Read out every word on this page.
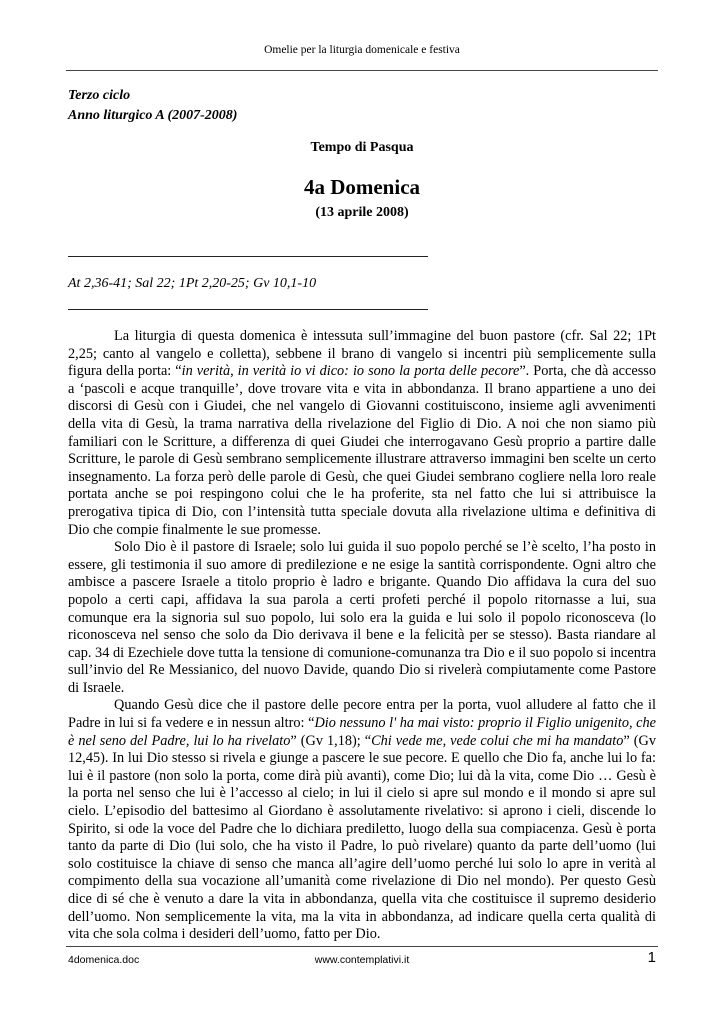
Omelie per la liturgia domenicale e festiva
Terzo ciclo
Anno liturgico A (2007-2008)
Tempo di Pasqua
4a Domenica
(13 aprile 2008)
At 2,36-41; Sal 22; 1Pt 2,20-25; Gv 10,1-10

La liturgia di questa domenica è intessuta sull’immagine del buon pastore (cfr. Sal 22; 1Pt 2,25; canto al vangelo e colletta), sebbene il brano di vangelo si incentri più semplicemente sulla figura della porta: “in verità, in verità io vi dico: io sono la porta delle pecore”. Porta, che dà accesso a ‘pascoli e acque tranquille’, dove trovare vita e vita in abbondanza. Il brano appartiene a uno dei discorsi di Gesù con i Giudei, che nel vangelo di Giovanni costituiscono, insieme agli avvenimenti della vita di Gesù, la trama narrativa della rivelazione del Figlio di Dio. A noi che non siamo più familiari con le Scritture, a differenza di quei Giudei che interrogavano Gesù proprio a partire dalle Scritture, le parole di Gesù sembrano semplicemente illustrare attraverso immagini ben scelte un certo insegnamento. La forza però delle parole di Gesù, che quei Giudei sembrano cogliere nella loro reale portata anche se poi respingono colui che le ha proferite, sta nel fatto che lui si attribuisce la prerogativa tipica di Dio, con l’intensità tutta speciale dovuta alla rivelazione ultima e definitiva di Dio che compie finalmente le sue promesse.

Solo Dio è il pastore di Israele; solo lui guida il suo popolo perché se l’è scelto, l’ha posto in essere, gli testimonia il suo amore di predilezione e ne esige la santità corrispondente. Ogni altro che ambisce a pascere Israele a titolo proprio è ladro e brigante. Quando Dio affidava la cura del suo popolo a certi capi, affidava la sua parola a certi profeti perché il popolo ritornasse a lui, sua comunque era la signoria sul suo popolo, lui solo era la guida e lui solo il popolo riconosceva (lo riconosceva nel senso che solo da Dio derivava il bene e la felicità per se stesso). Basta riandare al cap. 34 di Ezechiele dove tutta la tensione di comunione-comunanza tra Dio e il suo popolo si incentra sull’invio del Re Messianico, del nuovo Davide, quando Dio si rivelerà compiutamente come Pastore di Israele.

Quando Gesù dice che il pastore delle pecore entra per la porta, vuol alludere al fatto che il Padre in lui si fa vedere e in nessun altro: “Dio nessuno l' ha mai visto: proprio il Figlio unigenito, che è nel seno del Padre, lui lo ha rivelato” (Gv 1,18); “Chi vede me, vede colui che mi ha mandato” (Gv 12,45). In lui Dio stesso si rivela e giunge a pascere le sue pecore. E quello che Dio fa, anche lui lo fa: lui è il pastore (non solo la porta, come dirà più avanti), come Dio; lui dà la vita, come Dio … Gesù è la porta nel senso che lui è l’accesso al cielo; in lui il cielo si apre sul mondo e il mondo si apre sul cielo. L’episodio del battesimo al Giordano è assolutamente rivelativo: si aprono i cieli, discende lo Spirito, si ode la voce del Padre che lo dichiara prediletto, luogo della sua compiacenza. Gesù è porta tanto da parte di Dio (lui solo, che ha visto il Padre, lo può rivelare) quanto da parte dell’uomo (lui solo costituisce la chiave di senso che manca all’agire dell’uomo perché lui solo lo apre in verità al compimento della sua vocazione all’umanità come rivelazione di Dio nel mondo). Per questo Gesù dice di sé che è venuto a dare la vita in abbondanza, quella vita che costituisce il supremo desiderio dell’uomo. Non semplicemente la vita, ma la vita in abbondanza, ad indicare quella certa qualità di vita che sola colma i desideri dell’uomo, fatto per Dio.

4domenica.doc	www.contemplativi.it	1
